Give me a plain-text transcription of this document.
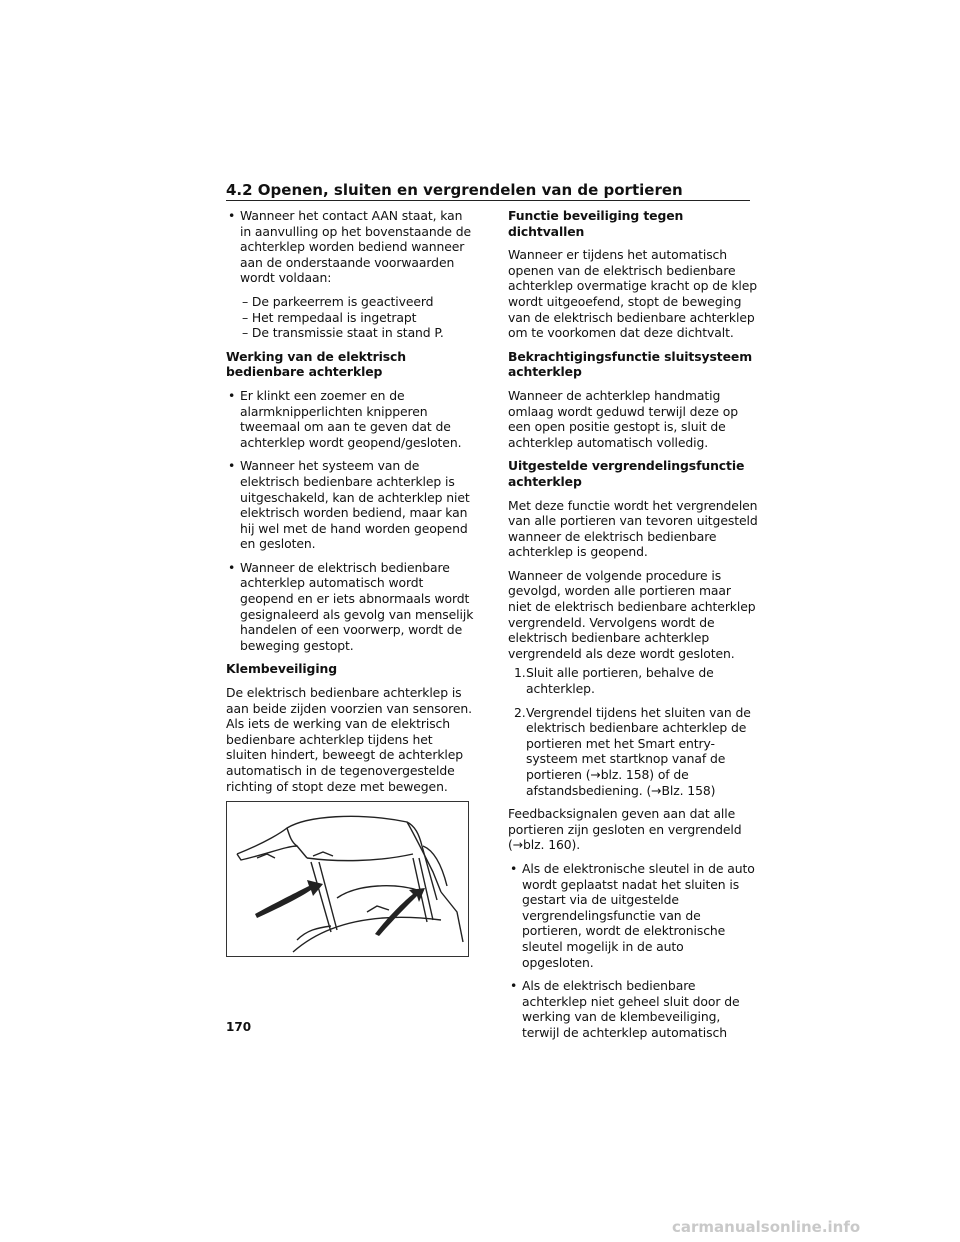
4.2 Openen, sluiten en vergrendelen van de portieren
• Wanneer het contact AAN staat, kan in aanvulling op het bovenstaande de achterklep worden bediend wanneer aan de onderstaande voorwaarden wordt voldaan:
– De parkeerrem is geactiveerd
– Het rempedaal is ingetrapt
– De transmissie staat in stand P.
Werking van de elektrisch bedienbare achterklep
• Er klinkt een zoemer en de alarmknipperlichten knipperen tweemaal om aan te geven dat de achterklep wordt geopend/gesloten.
• Wanneer het systeem van de elektrisch bedienbare achterklep is uitgeschakeld, kan de achterklep niet elektrisch worden bediend, maar kan hij wel met de hand worden geopend en gesloten.
• Wanneer de elektrisch bedienbare achterklep automatisch wordt geopend en er iets abnormaals wordt gesignaleerd als gevolg van menselijk handelen of een voorwerp, wordt de beweging gestopt.
Klembeveiliging
De elektrisch bedienbare achterklep is aan beide zijden voorzien van sensoren. Als iets de werking van de elektrisch bedienbare achterklep tijdens het sluiten hindert, beweegt de achterklep automatisch in de tegenovergestelde richting of stopt deze met bewegen.
Functie beveiliging tegen dichtvallen
Wanneer er tijdens het automatisch openen van de elektrisch bedienbare achterklep overmatige kracht op de klep wordt uitgeoefend, stopt de beweging van de elektrisch bedienbare achterklep om te voorkomen dat deze dichtvalt.
Bekrachtigingsfunctie sluitsysteem achterklep
Wanneer de achterklep handmatig omlaag wordt geduwd terwijl deze op een open positie gestopt is, sluit de achterklep automatisch volledig.
Uitgestelde vergrendelingsfunctie achterklep
Met deze functie wordt het vergrendelen van alle portieren van tevoren uitgesteld wanneer de elektrisch bedienbare achterklep is geopend.
Wanneer de volgende procedure is gevolgd, worden alle portieren maar niet de elektrisch bedienbare achterklep vergrendeld. Vervolgens wordt de elektrisch bedienbare achterklep vergrendeld als deze wordt gesloten.
1. Sluit alle portieren, behalve de achterklep.
2. Vergrendel tijdens het sluiten van de elektrisch bedienbare achterklep de portieren met het Smart entry-systeem met startknop vanaf de portieren (→blz. 158) of de afstandsbediening. (→Blz. 158)
Feedbacksignalen geven aan dat alle portieren zijn gesloten en vergrendeld (→blz. 160).
• Als de elektronische sleutel in de auto wordt geplaatst nadat het sluiten is gestart via de uitgestelde vergrendelingsfunctie van de portieren, wordt de elektronische sleutel mogelijk in de auto opgesloten.
• Als de elektrisch bedienbare achterklep niet geheel sluit door de werking van de klembeveiliging, terwijl de achterklep automatisch
170
carmanualsonline.info
